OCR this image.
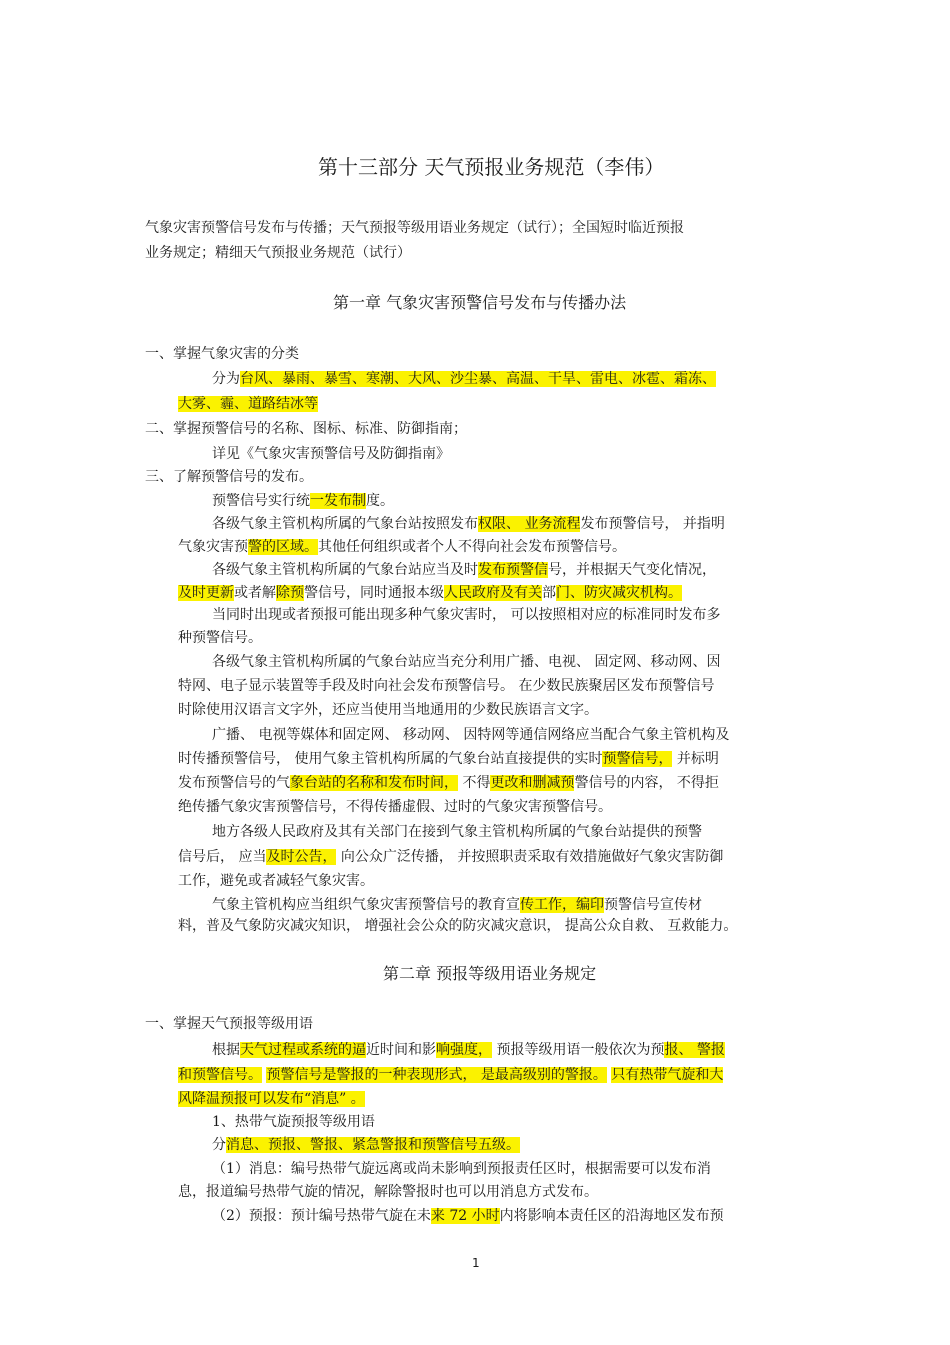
第十三部分 天气预报业务规范（李伟）
气象灾害预警信号发布与传播；天气预报等级用语业务规定（试行）；全国短时临近预报
业务规定；精细天气预报业务规范（试行）
第一章 气象灾害预警信号发布与传播办法
一、掌握气象灾害的分类
分为台风、暴雨、暴雪、寒潮、大风、沙尘暴、高温、干旱、雷电、冰雹、霜冻、
大雾、霾、道路结冰等
二、掌握预警信号的名称、图标、标准、防御指南；
详见《气象灾害预警信号及防御指南》
三、了解预警信号的发布。
预警信号实行统一发布制度。
各级气象主管机构所属的气象台站按照发布权限、 业务流程发布预警信号， 并指明
气象灾害预警的区域。其他任何组织或者个人不得向社会发布预警信号。
各级气象主管机构所属的气象台站应当及时发布预警信号，并根据天气变化情况，
及时更新或者解除预警信号，同时通报本级人民政府及有关部门、防灾减灾机构。
当同时出现或者预报可能出现多种气象灾害时， 可以按照相对应的标准同时发布多
种预警信号。
各级气象主管机构所属的气象台站应当充分利用广播、电视、 固定网、移动网、因
特网、电子显示装置等手段及时向社会发布预警信号。 在少数民族聚居区发布预警信号
时除使用汉语言文字外，还应当使用当地通用的少数民族语言文字。
广播、 电视等媒体和固定网、 移动网、 因特网等通信网络应当配合气象主管机构及
时传播预警信号， 使用气象主管机构所属的气象台站直接提供的实时预警信号， 并标明
发布预警信号的气象台站的名称和发布时间， 不得更改和删减预警信号的内容， 不得拒
绝传播气象灾害预警信号，不得传播虚假、过时的气象灾害预警信号。
地方各级人民政府及其有关部门在接到气象主管机构所属的气象台站提供的预警
信号后， 应当及时公告， 向公众广泛传播， 并按照职责采取有效措施做好气象灾害防御
工作，避免或者减轻气象灾害。
气象主管机构应当组织气象灾害预警信号的教育宣传工作，编印预警信号宣传材
料，普及气象防灾减灾知识， 增强社会公众的防灾减灾意识， 提高公众自救、 互救能力。
第二章 预报等级用语业务规定
一、掌握天气预报等级用语
根据天气过程或系统的逼近时间和影响强度， 预报等级用语一般依次为预报、 警报
和预警信号。 预警信号是警报的一种表现形式， 是最高级别的警报。 只有热带气旋和大
风降温预报可以发布“消息” 。
1、热带气旋预报等级用语
分消息、预报、警报、紧急警报和预警信号五级。
（1）消息：编号热带气旋远离或尚未影响到预报责任区时，根据需要可以发布消
息，报道编号热带气旋的情况，解除警报时也可以用消息方式发布。
（2）预报：预计编号热带气旋在未来 72 小时内将影响本责任区的沿海地区发布预
1
